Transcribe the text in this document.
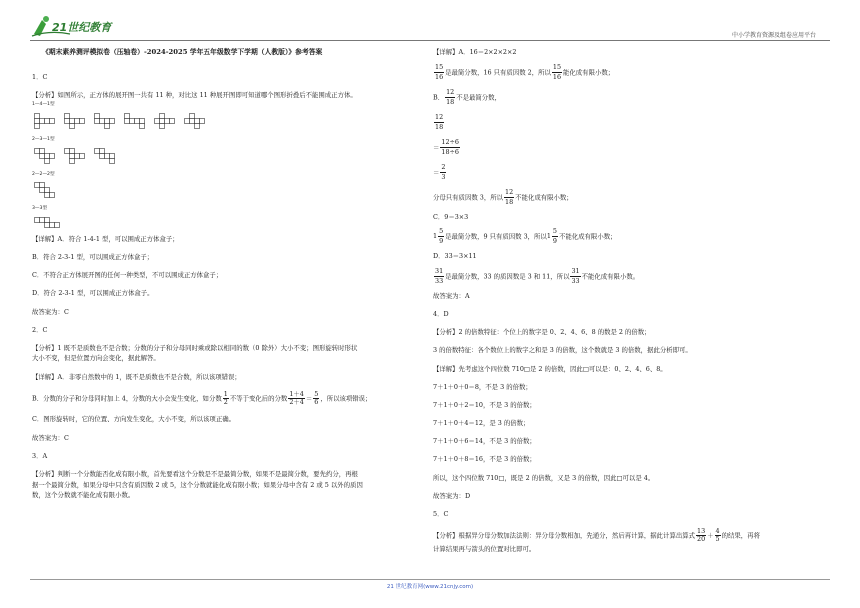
21世纪教育
中小学教育资源及组卷应用平台

《期末素养测评模拟卷（压轴卷）-2024-2025 学年五年级数学下学期（人教版）》参考答案

1．C

【分析】如图所示，正方体的展开图一共有 11 种，对比这 11 种展开图即可知道哪个图形折叠后不能围成正方体。

1—4—1型

2—3—1型

2—2—2型

3—3型

【详解】A．符合 1-4-1 型，可以围成正方体盒子；

B．符合 2-3-1 型，可以围成正方体盒子；

C．不符合正方体展开图的任何一种类型，不可以围成正方体盒子；

D．符合 2-3-1 型，可以围成正方体盒子。

故答案为：C

2．C

【分析】1 既不是质数也不是合数；分数的分子和分母同时乘或除以相同的数（0 除外）大小不变；图形旋转时形状

大小不变，但是位置方向会变化，据此解答。

【详解】A．非零自然数中的 1，既不是质数也不是合数，所以该项错误；

B．分数的分子和分母同时加上 4，分数的大小会发生变化，如分数 $\frac{1}{2}$ 不等于变化后的分数 $\frac{1+4}{2+4} = \frac{5}{6}$ ，所以该项错误；

C．图形旋转时，它的位置、方向发生变化，大小不变，所以该项正确。

故答案为：C

3．A

【分析】判断一个分数能否化成有限小数，首先要看这个分数是不是最简分数，如果不是最简分数，要先约分，再根

据一个最简分数，如果分母中只含有质因数 2 或 5，这个分数就能化成有限小数；如果分母中含有 2 或 5 以外的质因

数，这个分数就不能化成有限小数。

【详解】A．16＝2×2×2×2

$\frac{15}{16}$ 是最简分数，16 只有质因数 2，所以 $\frac{15}{16}$ 能化成有限小数；

B． $\frac{12}{18}$ 不是最简分数，

$\frac{12}{18}$

＝ $\frac{12\div 6}{18\div 6}$

＝ $\frac{2}{3}$

分母只有质因数 3，所以 $\frac{12}{18}$ 不能化成有限小数；

C．9＝3×3

$1 \frac{5}{9}$ 是最简分数，9 只有质因数 3，所以 $1 \frac{5}{9}$ 不能化成有限小数；

D．33＝3×11

$\frac{31}{33}$ 是最简分数，33 的质因数是 3 和 11，所以 $\frac{31}{33}$ 不能化成有限小数。

故答案为：A

4．D

【分析】2 的倍数特征：个位上的数字是 0、2、4、6、8 的数是 2 的倍数；

3 的倍数特征：各个数位上的数字之和是 3 的倍数，这个数就是 3 的倍数，据此分析即可。

【详解】先考虑这个四位数 710□是 2 的倍数，因此□可以是：0、2、4、6、8。

7＋1＋0＋0＝8，不是 3 的倍数；

7＋1＋0＋2＝10，不是 3 的倍数；

7＋1＋0＋4＝12，是 3 的倍数；

7＋1＋0＋6＝14，不是 3 的倍数；

7＋1＋0＋8＝16，不是 3 的倍数；

所以，这个四位数 710□，既是 2 的倍数，又是 3 的倍数，因此□可以是 4。

故答案为：D

5．C

【分析】根据异分母分数加法法则：异分母分数相加，先通分，然后再计算，据此计算出算式 $\frac{13}{20} + \frac{4}{5}$ 的结果，再将

计算结果再与箭头的位置对比即可。

21 世纪教育网(www.21cnjy.com)
